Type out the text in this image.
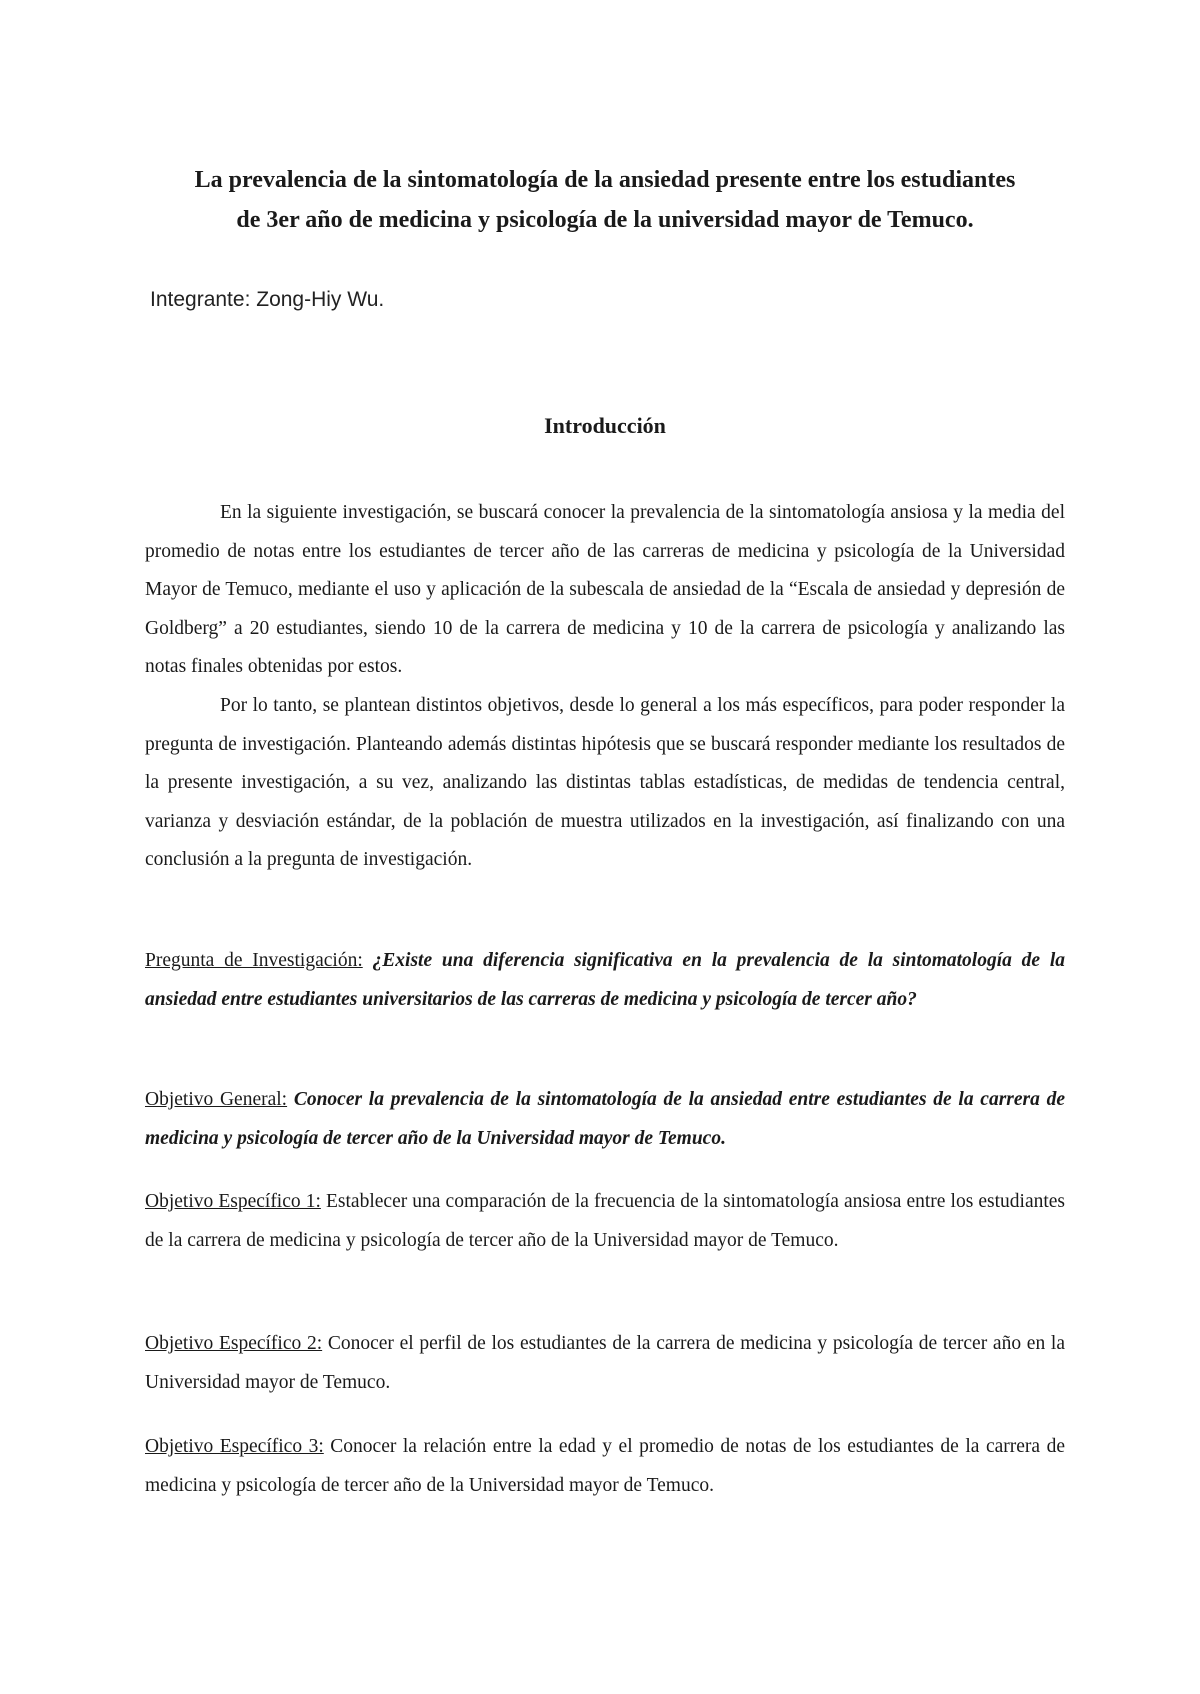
La prevalencia de la sintomatología de la ansiedad presente entre los estudiantes
de 3er año de medicina y psicología de la universidad mayor de Temuco.

Integrante: Zong-Hiy Wu.

Introducción

En la siguiente investigación, se buscará conocer la prevalencia de la sintomatología ansiosa y la media del promedio de notas entre los estudiantes de tercer año de las carreras de medicina y psicología de la Universidad Mayor de Temuco, mediante el uso y aplicación de la subescala de ansiedad de la “Escala de ansiedad y depresión de Goldberg” a 20 estudiantes, siendo 10 de la carrera de medicina y 10 de la carrera de psicología y analizando las notas finales obtenidas por estos.

Por lo tanto, se plantean distintos objetivos, desde lo general a los más específicos, para poder responder la pregunta de investigación. Planteando además distintas hipótesis que se buscará responder mediante los resultados de la presente investigación, a su vez, analizando las distintas tablas estadísticas, de medidas de tendencia central, varianza y desviación estándar, de la población de muestra utilizados en la investigación, así finalizando con una conclusión a la pregunta de investigación.

Pregunta de Investigación: ¿Existe una diferencia significativa en la prevalencia de la sintomatología de la ansiedad entre estudiantes universitarios de las carreras de medicina y psicología de tercer año?

Objetivo General: Conocer la prevalencia de la sintomatología de la ansiedad entre estudiantes de la carrera de medicina y psicología de tercer año de la Universidad mayor de Temuco.

Objetivo Específico 1: Establecer una comparación de la frecuencia de la sintomatología ansiosa entre los estudiantes de la carrera de medicina y psicología de tercer año de la Universidad mayor de Temuco.

Objetivo Específico 2: Conocer el perfil de los estudiantes de la carrera de medicina y psicología de tercer año en la Universidad mayor de Temuco.

Objetivo Específico 3: Conocer la relación entre la edad y el promedio de notas de los estudiantes de la carrera de medicina y psicología de tercer año de la Universidad mayor de Temuco.
